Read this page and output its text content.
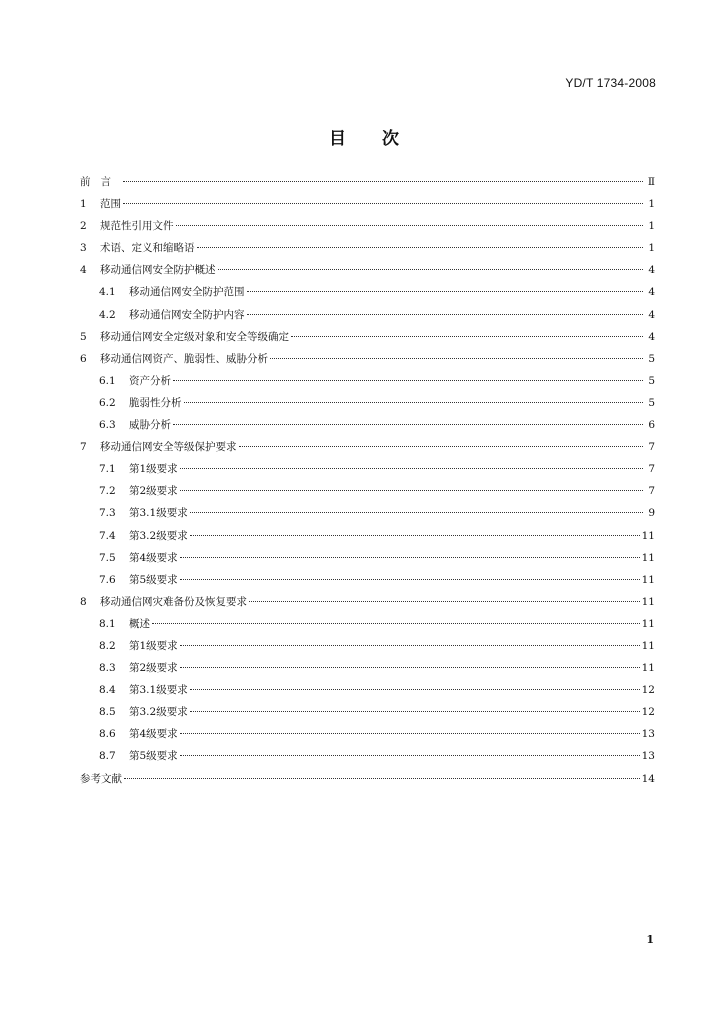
YD/T 1734-2008
目次
前言	Ⅱ
1	范围	1
2	规范性引用文件	1
3	术语、定义和缩略语	1
4	移动通信网安全防护概述	4
4.1	移动通信网安全防护范围	4
4.2	移动通信网安全防护内容	4
5	移动通信网安全定级对象和安全等级确定	4
6	移动通信网资产、脆弱性、威胁分析	5
6.1	资产分析	5
6.2	脆弱性分析	5
6.3	威胁分析	6
7	移动通信网安全等级保护要求	7
7.1	第1级要求	7
7.2	第2级要求	7
7.3	第3.1级要求	9
7.4	第3.2级要求	11
7.5	第4级要求	11
7.6	第5级要求	11
8	移动通信网灾难备份及恢复要求	11
8.1	概述	11
8.2	第1级要求	11
8.3	第2级要求	11
8.4	第3.1级要求	12
8.5	第3.2级要求	12
8.6	第4级要求	13
8.7	第5级要求	13
参考文献	14
1
